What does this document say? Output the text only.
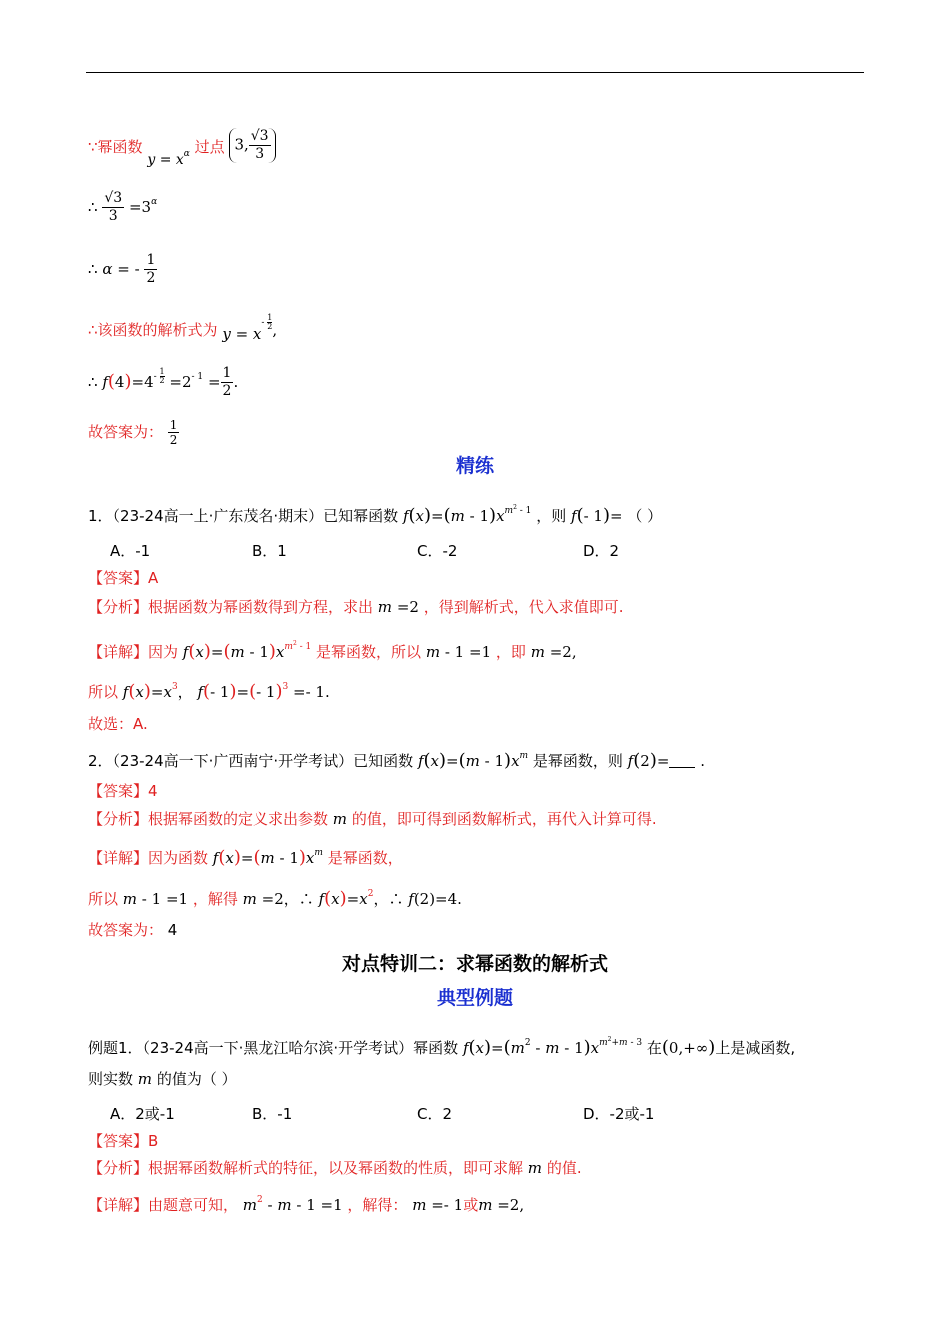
∵幂函数 $y = x^\alpha$ 过点 3, $\frac{√3}{3}$
∴ $\frac{√3}{3} =3^\alpha$
∴ α = - $\frac{1}{2}$
∴该函数的解析式为 $y = x^{- \frac{1}{2}}$ ,
∴ $f(4)=4^{- \frac{1}{2}} =2^{- 1} = \frac{1}{2}$ .
故答案为： $\frac{1}{2}$
精练
1．（23-24高一上·广东茂名·期末）已知幂函数 $f(x)=(m - 1)x^{m^2 - 1}$ ，则 f(- 1)= （ ）
A．-1	B．1	C．-2	D．2
【答案】A
【分析】根据函数为幂函数得到方程，求出 m =2 ，得到解析式，代入求值即可.
【详解】因为 $f(x)=(m - 1)x^{m^2 - 1}$ 是幂函数，所以 m - 1 =1 ，即 m =2,
所以 $f(x)=x^3$， f(- 1)=(- 1)$^3$ =- 1.
故选：A.
2．（23-24高一下·广西南宁·开学考试）已知函数 $f(x)=(m - 1)x^m$ 是幂函数，则 f(2)= .
【答案】4
【分析】根据幂函数的定义求出参数 m 的值，即可得到函数解析式，再代入计算可得.
【详解】因为函数 $f(x)=(m - 1)x^m$ 是幂函数，
所以 m - 1 =1 ，解得 m =2，∴ $f(x)=x^2$，∴ f(2)=4.
故答案为： 4
对点特训二：求幂函数的解析式
典型例题
例题1．（23-24高一下·黑龙江哈尔滨·开学考试）幂函数 $f(x)=(m^2 - m - 1)x^{m^2+m - 3}$ 在(0,+∞)上是减函数,
则实数 m 的值为（ ）
A．2或-1	B．-1	C．2	D．-2或-1
【答案】B
【分析】根据幂函数解析式的特征，以及幂函数的性质，即可求解 m 的值.
【详解】由题意可知， $m^2 - m - 1 =1$ ，解得： m =- 1或m =2,
